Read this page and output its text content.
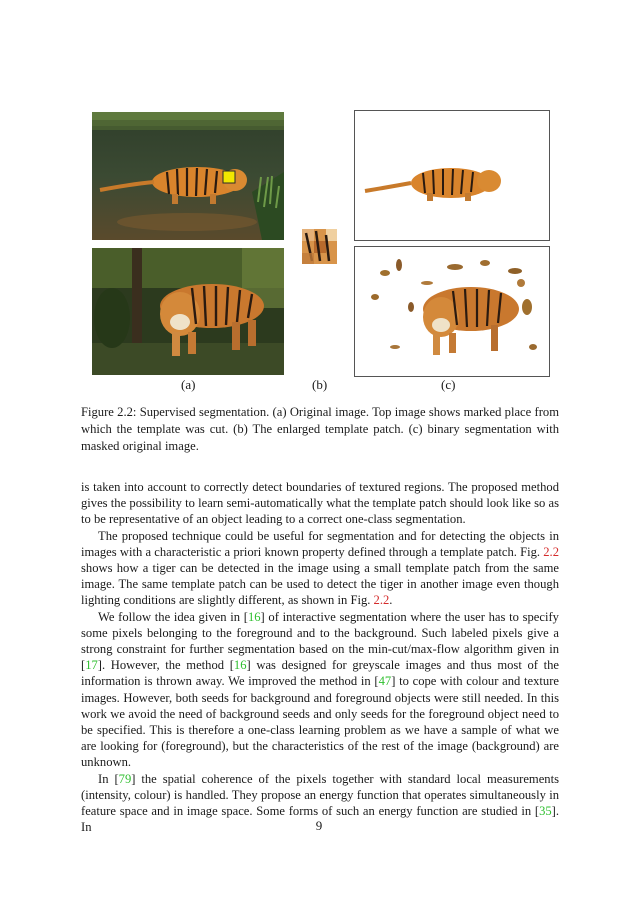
(a)	(b)	(c)
Figure 2.2: Supervised segmentation. (a) Original image. Top image shows marked place from which the template was cut. (b) The enlarged template patch. (c) binary segmentation with masked original image.

is taken into account to correctly detect boundaries of textured regions. The proposed method gives the possibility to learn semi-automatically what the template patch should look like so as to be representative of an object leading to a correct one-class segmentation.

The proposed technique could be useful for segmentation and for detecting the objects in images with a characteristic a priori known property defined through a template patch. Fig. 2.2 shows how a tiger can be detected in the image using a small template patch from the same image. The same template patch can be used to detect the tiger in another image even though lighting conditions are slightly different, as shown in Fig. 2.2.

We follow the idea given in [16] of interactive segmentation where the user has to specify some pixels belonging to the foreground and to the background. Such labeled pixels give a strong constraint for further segmentation based on the min-cut/max-flow algorithm given in [17]. However, the method [16] was designed for greyscale images and thus most of the information is thrown away. We improved the method in [47] to cope with colour and texture images. However, both seeds for background and foreground objects were still needed. In this work we avoid the need of background seeds and only seeds for the foreground object need to be specified. This is therefore a one-class learning problem as we have a sample of what we are looking for (foreground), but the characteristics of the rest of the image (background) are unknown.

In [79] the spatial coherence of the pixels together with standard local measurements (intensity, colour) is handled. They propose an energy function that operates simultaneously in feature space and in image space. Some forms of such an energy function are studied in [35]. In	9
